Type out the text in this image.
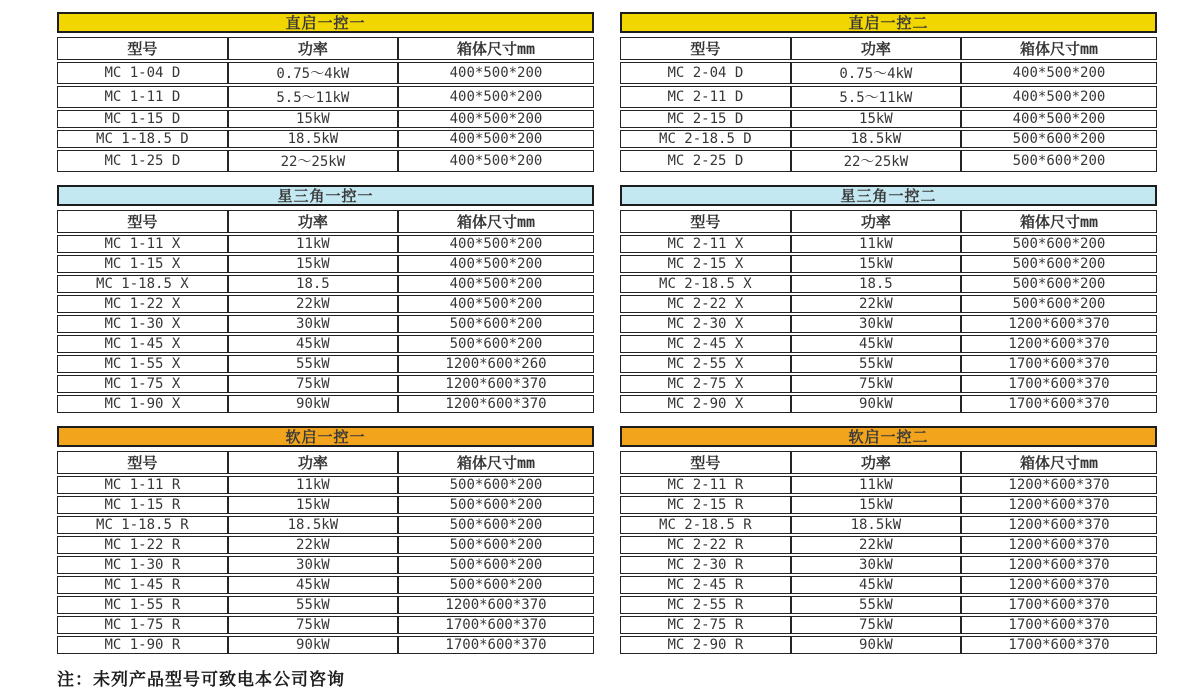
直启一控一
型号	功率	箱体尺寸mm
MC 1-04 D	0.75～4kW	400*500*200
MC 1-11 D	5.5～11kW	400*500*200
MC 1-15 D	15kW	400*500*200
MC 1-18.5 D	18.5kW	400*500*200
MC 1-25 D	22～25kW	400*500*200
直启一控二
型号	功率	箱体尺寸mm
MC 2-04 D	0.75～4kW	400*500*200
MC 2-11 D	5.5～11kW	400*500*200
MC 2-15 D	15kW	400*500*200
MC 2-18.5 D	18.5kW	500*600*200
MC 2-25 D	22～25kW	500*600*200
星三角一控一
型号	功率	箱体尺寸mm
MC 1-11 X	11kW	400*500*200
MC 1-15 X	15kW	400*500*200
MC 1-18.5 X	18.5	400*500*200
MC 1-22 X	22kW	400*500*200
MC 1-30 X	30kW	500*600*200
MC 1-45 X	45kW	500*600*200
MC 1-55 X	55kW	1200*600*260
MC 1-75 X	75kW	1200*600*370
MC 1-90 X	90kW	1200*600*370
星三角一控二
型号	功率	箱体尺寸mm
MC 2-11 X	11kW	500*600*200
MC 2-15 X	15kW	500*600*200
MC 2-18.5 X	18.5	500*600*200
MC 2-22 X	22kW	500*600*200
MC 2-30 X	30kW	1200*600*370
MC 2-45 X	45kW	1200*600*370
MC 2-55 X	55kW	1700*600*370
MC 2-75 X	75kW	1700*600*370
MC 2-90 X	90kW	1700*600*370
软启一控一
型号	功率	箱体尺寸mm
MC 1-11 R	11kW	500*600*200
MC 1-15 R	15kW	500*600*200
MC 1-18.5 R	18.5kW	500*600*200
MC 1-22 R	22kW	500*600*200
MC 1-30 R	30kW	500*600*200
MC 1-45 R	45kW	500*600*200
MC 1-55 R	55kW	1200*600*370
MC 1-75 R	75kW	1700*600*370
MC 1-90 R	90kW	1700*600*370
软启一控二
型号	功率	箱体尺寸mm
MC 2-11 R	11kW	1200*600*370
MC 2-15 R	15kW	1200*600*370
MC 2-18.5 R	18.5kW	1200*600*370
MC 2-22 R	22kW	1200*600*370
MC 2-30 R	30kW	1200*600*370
MC 2-45 R	45kW	1200*600*370
MC 2-55 R	55kW	1700*600*370
MC 2-75 R	75kW	1700*600*370
MC 2-90 R	90kW	1700*600*370
注：未列产品型号可致电本公司咨询
